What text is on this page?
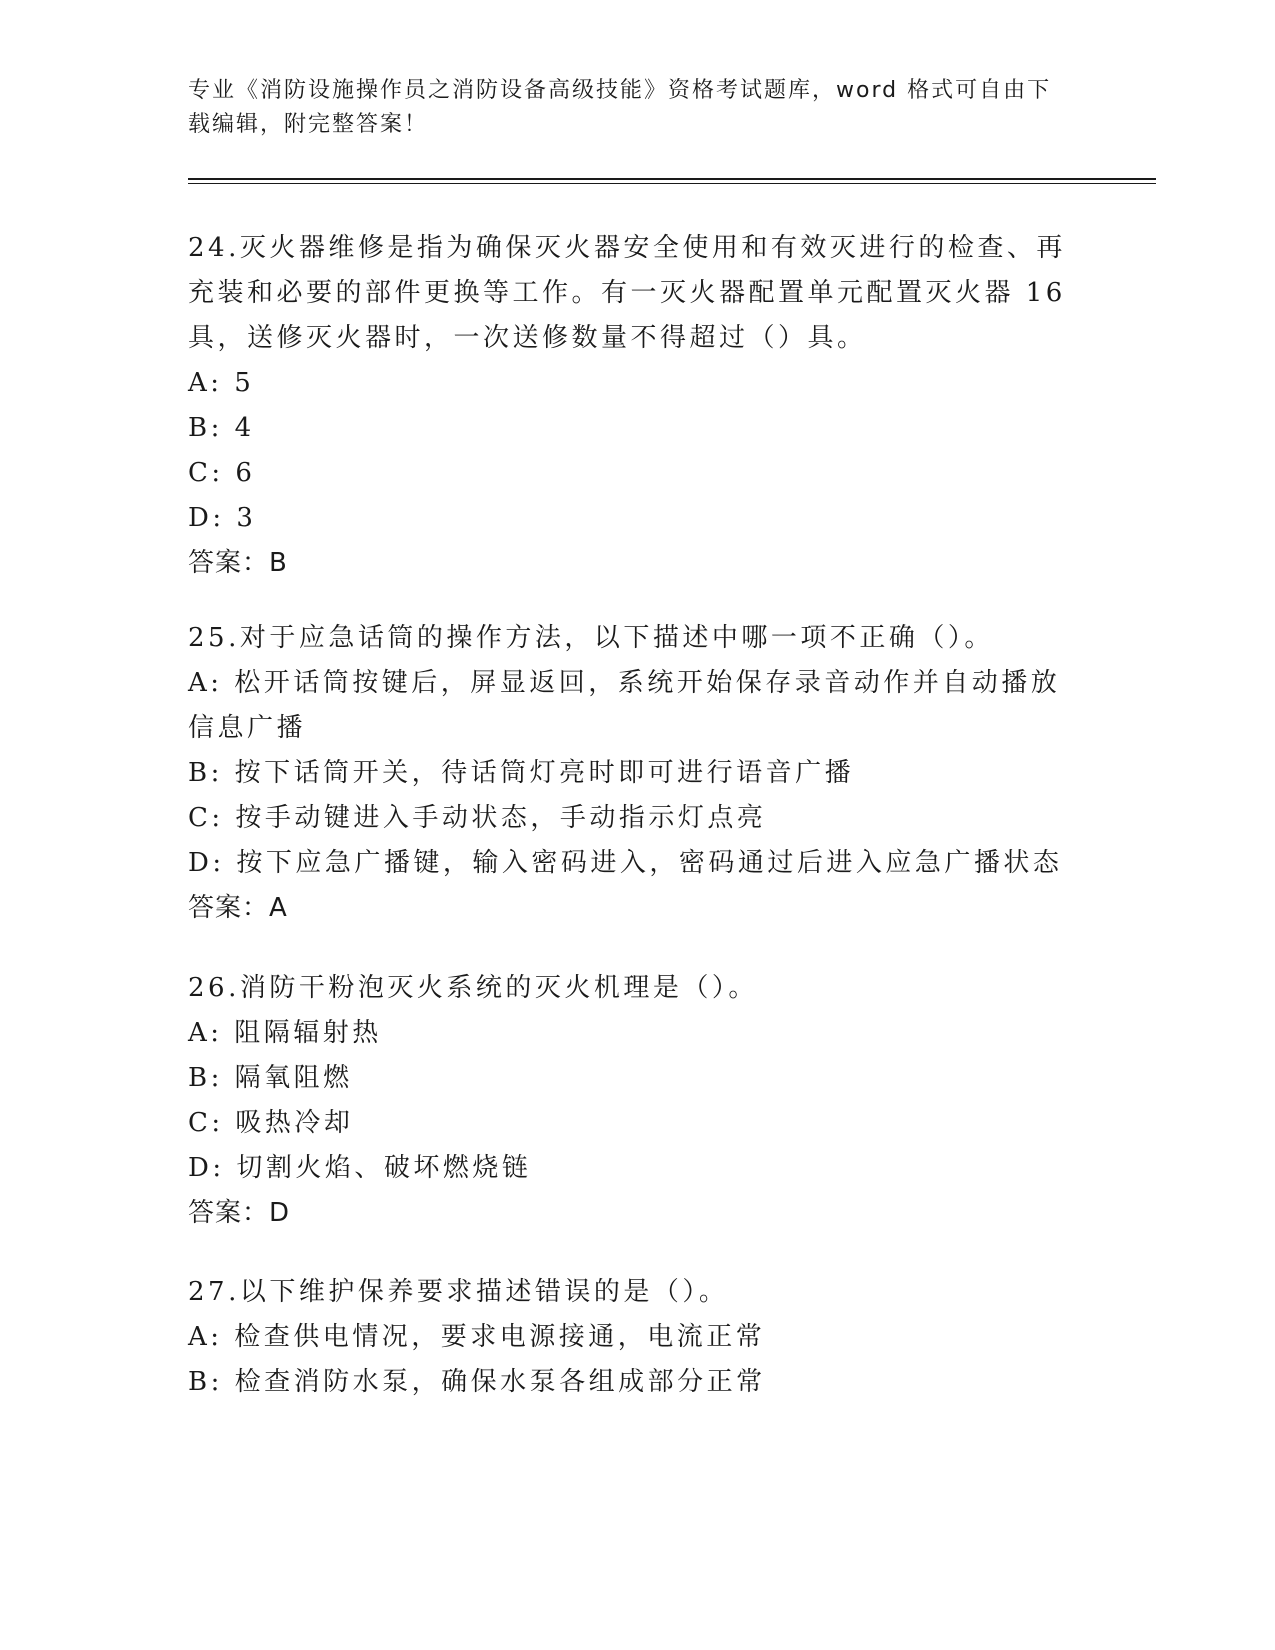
专业《消防设施操作员之消防设备高级技能》资格考试题库，word 格式可自由下载编辑，附完整答案！

24.灭火器维修是指为确保灭火器安全使用和有效灭进行的检查、再充装和必要的部件更换等工作。有一灭火器配置单元配置灭火器 16 具，送修灭火器时，一次送修数量不得超过（）具。

A: 5

B: 4

C: 6

D: 3

答案：B

25.对于应急话筒的操作方法，以下描述中哪一项不正确（）。

A: 松开话筒按键后，屏显返回，系统开始保存录音动作并自动播放信息广播

B: 按下话筒开关，待话筒灯亮时即可进行语音广播

C: 按手动键进入手动状态，手动指示灯点亮

D: 按下应急广播键，输入密码进入，密码通过后进入应急广播状态

答案：A

26.消防干粉泡灭火系统的灭火机理是（）。

A: 阻隔辐射热

B: 隔氧阻燃

C: 吸热冷却

D: 切割火焰、破坏燃烧链

答案：D

27.以下维护保养要求描述错误的是（）。

A: 检查供电情况，要求电源接通，电流正常

B: 检查消防水泵，确保水泵各组成部分正常
